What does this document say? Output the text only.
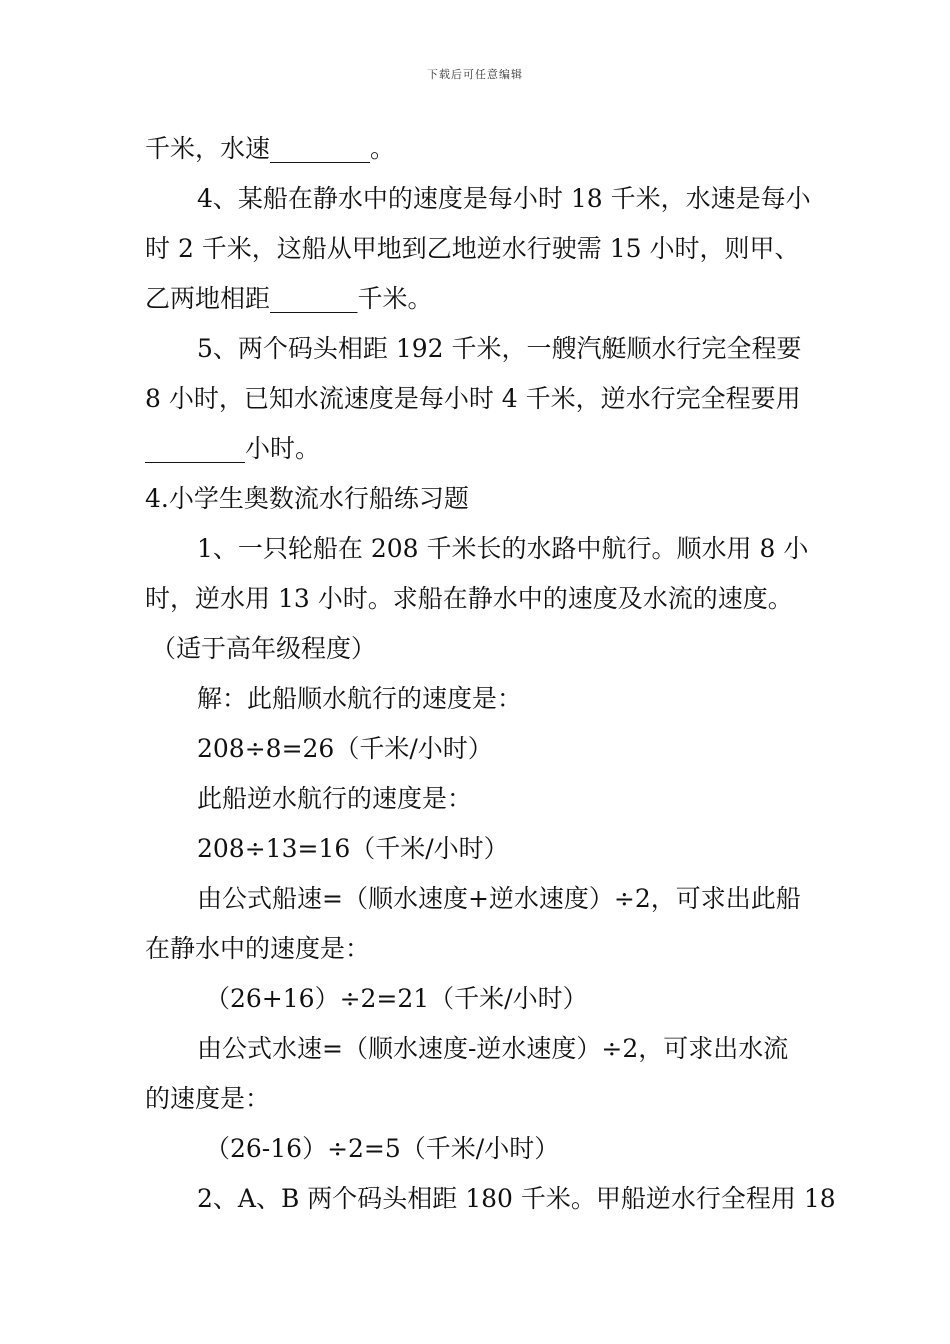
下载后可任意编辑
千米，水速________。
4、某船在静水中的速度是每小时 18 千米，水速是每小
时 2 千米，这船从甲地到乙地逆水行驶需 15 小时，则甲、
乙两地相距_______千米。
5、两个码头相距 192 千米，一艘汽艇顺水行完全程要
8 小时，已知水流速度是每小时 4 千米，逆水行完全程要用
________小时。
4.小学生奥数流水行船练习题
1、一只轮船在 208 千米长的水路中航行。顺水用 8 小
时，逆水用 13 小时。求船在静水中的速度及水流的速度。
（适于高年级程度）
解：此船顺水航行的速度是：
208÷8=26（千米/小时）
此船逆水航行的速度是：
208÷13=16（千米/小时）
由公式船速=（顺水速度+逆水速度）÷2，可求出此船
在静水中的速度是：
（26+16）÷2=21（千米/小时）
由公式水速=（顺水速度-逆水速度）÷2，可求出水流
的速度是：
（26-16）÷2=5（千米/小时）
2、A、B 两个码头相距 180 千米。甲船逆水行全程用 18
